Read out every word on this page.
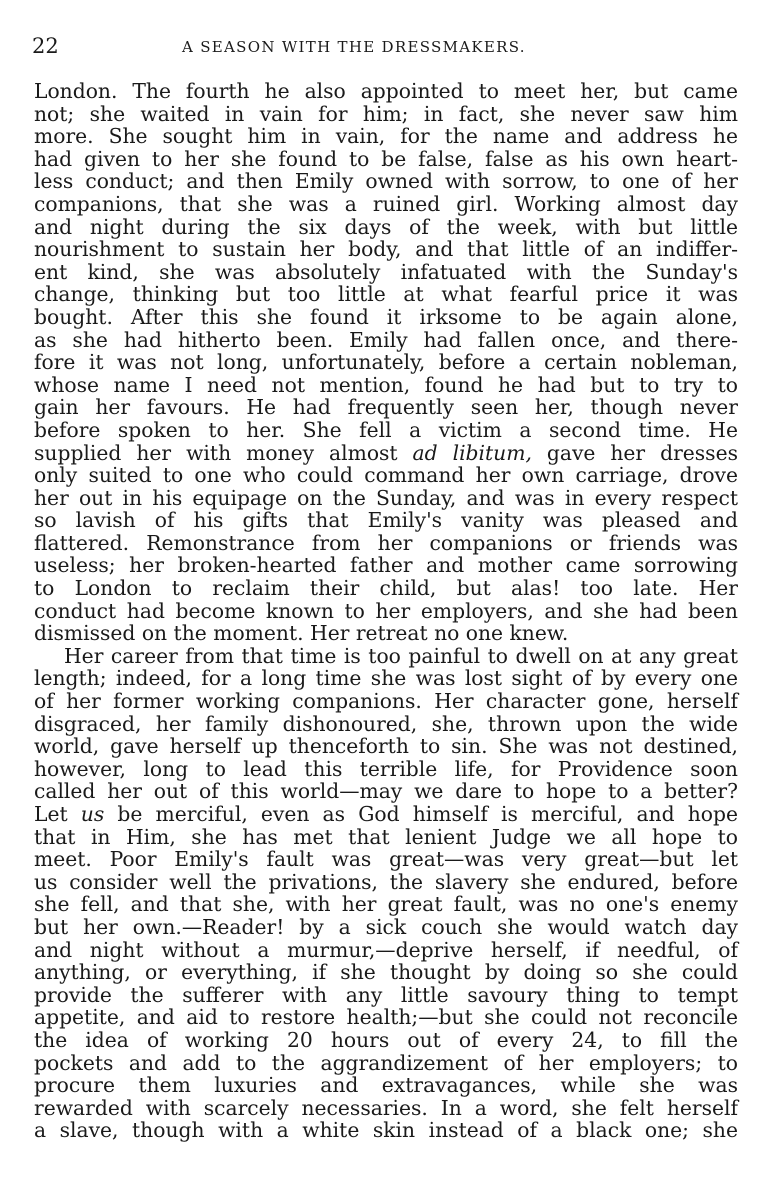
22	A SEASON WITH THE DRESSMAKERS.
London. The fourth he also appointed to meet her, but came
not; she waited in vain for him; in fact, she never saw him
more. She sought him in vain, for the name and address he
had given to her she found to be false, false as his own heart-
less conduct; and then Emily owned with sorrow, to one of her
companions, that she was a ruined girl. Working almost day
and night during the six days of the week, with but little
nourishment to sustain her body, and that little of an indiffer-
ent kind, she was absolutely infatuated with the Sunday's
change, thinking but too little at what fearful price it was
bought. After this she found it irksome to be again alone,
as she had hitherto been. Emily had fallen once, and there-
fore it was not long, unfortunately, before a certain nobleman,
whose name I need not mention, found he had but to try to
gain her favours. He had frequently seen her, though never
before spoken to her. She fell a victim a second time. He
supplied her with money almost ad libitum, gave her dresses
only suited to one who could command her own carriage, drove
her out in his equipage on the Sunday, and was in every respect
so lavish of his gifts that Emily's vanity was pleased and
flattered. Remonstrance from her companions or friends was
useless; her broken-hearted father and mother came sorrowing
to London to reclaim their child, but alas! too late. Her
conduct had become known to her employers, and she had been
dismissed on the moment. Her retreat no one knew.
Her career from that time is too painful to dwell on at any great
length; indeed, for a long time she was lost sight of by every one
of her former working companions. Her character gone, herself
disgraced, her family dishonoured, she, thrown upon the wide
world, gave herself up thenceforth to sin. She was not destined,
however, long to lead this terrible life, for Providence soon
called her out of this world—may we dare to hope to a better?
Let us be merciful, even as God himself is merciful, and hope
that in Him, she has met that lenient Judge we all hope to
meet. Poor Emily's fault was great—was very great—but let
us consider well the privations, the slavery she endured, before
she fell, and that she, with her great fault, was no one's enemy
but her own.—Reader! by a sick couch she would watch day
and night without a murmur,—deprive herself, if needful, of
anything, or everything, if she thought by doing so she could
provide the sufferer with any little savoury thing to tempt
appetite, and aid to restore health;—but she could not reconcile
the idea of working 20 hours out of every 24, to fill the
pockets and add to the aggrandizement of her employers; to
procure them luxuries and extravagances, while she was
rewarded with scarcely necessaries. In a word, she felt herself
a slave, though with a white skin instead of a black one; she
